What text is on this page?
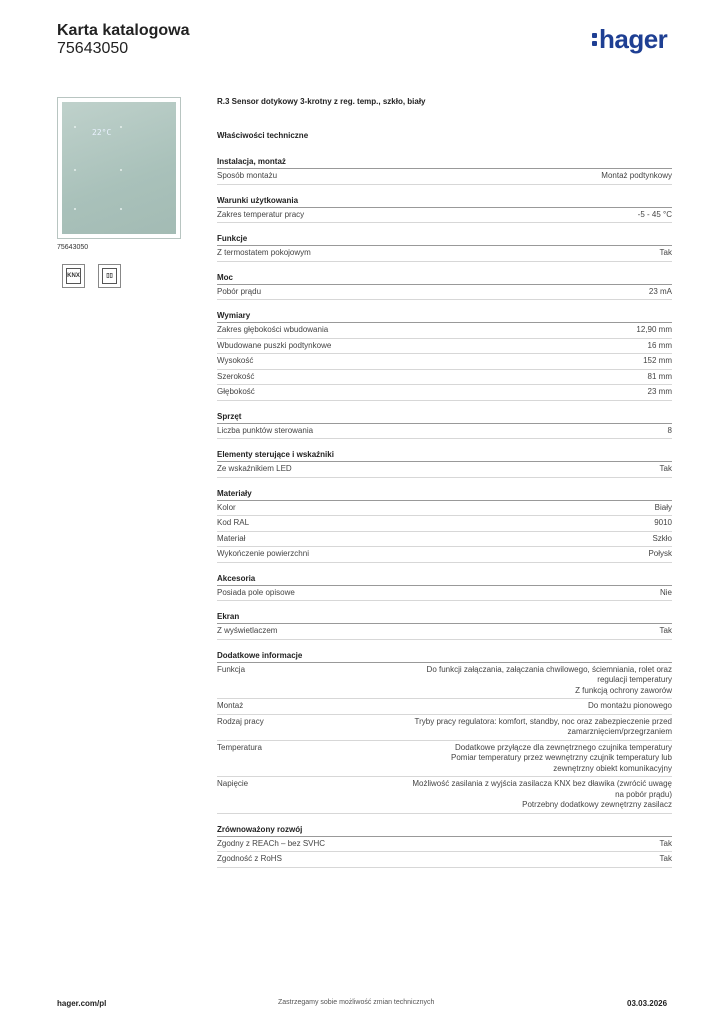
Karta katalogowa
75643050	hager
22°C
75643050
KNX	▯▯
R.3 Sensor dotykowy 3-krotny z reg. temp., szkło, biały
Właściwości techniczne
Instalacja, montaż
Sposób montażu	Montaż podtynkowy
Warunki użytkowania
Zakres temperatur pracy	-5 - 45 °C
Funkcje
Z termostatem pokojowym	Tak
Moc
Pobór prądu	23 mA
Wymiary
Zakres głębokości wbudowania	12,90 mm
Wbudowane puszki podtynkowe	16 mm
Wysokość	152 mm
Szerokość	81 mm
Głębokość	23 mm
Sprzęt
Liczba punktów sterowania	8
Elementy sterujące i wskaźniki
Ze wskaźnikiem LED	Tak
Materiały
Kolor	Biały
Kod RAL	9010
Materiał	Szkło
Wykończenie powierzchni	Połysk
Akcesoria
Posiada pole opisowe	Nie
Ekran
Z wyświetlaczem	Tak
Dodatkowe informacje
Funkcja	Do funkcji załączania, załączania chwilowego, ściemniania, rolet oraz
regulacji temperatury
Z funkcją ochrony zaworów
Montaż	Do montażu pionowego
Rodzaj pracy	Tryby pracy regulatora: komfort, standby, noc oraz zabezpieczenie przed
zamarznięciem/przegrzaniem
Temperatura	Dodatkowe przyłącze dla zewnętrznego czujnika temperatury
Pomiar temperatury przez wewnętrzny czujnik temperatury lub
zewnętrzny obiekt komunikacyjny
Napięcie	Możliwość zasilania z wyjścia zasilacza KNX bez dławika (zwrócić uwagę
na pobór prądu)
Potrzebny dodatkowy zewnętrzny zasilacz
Zrównoważony rozwój
Zgodny z REACh – bez SVHC	Tak
Zgodność z RoHS	Tak
hager.com/pl	Zastrzegamy sobie możliwość zmian technicznych	03.03.2026
